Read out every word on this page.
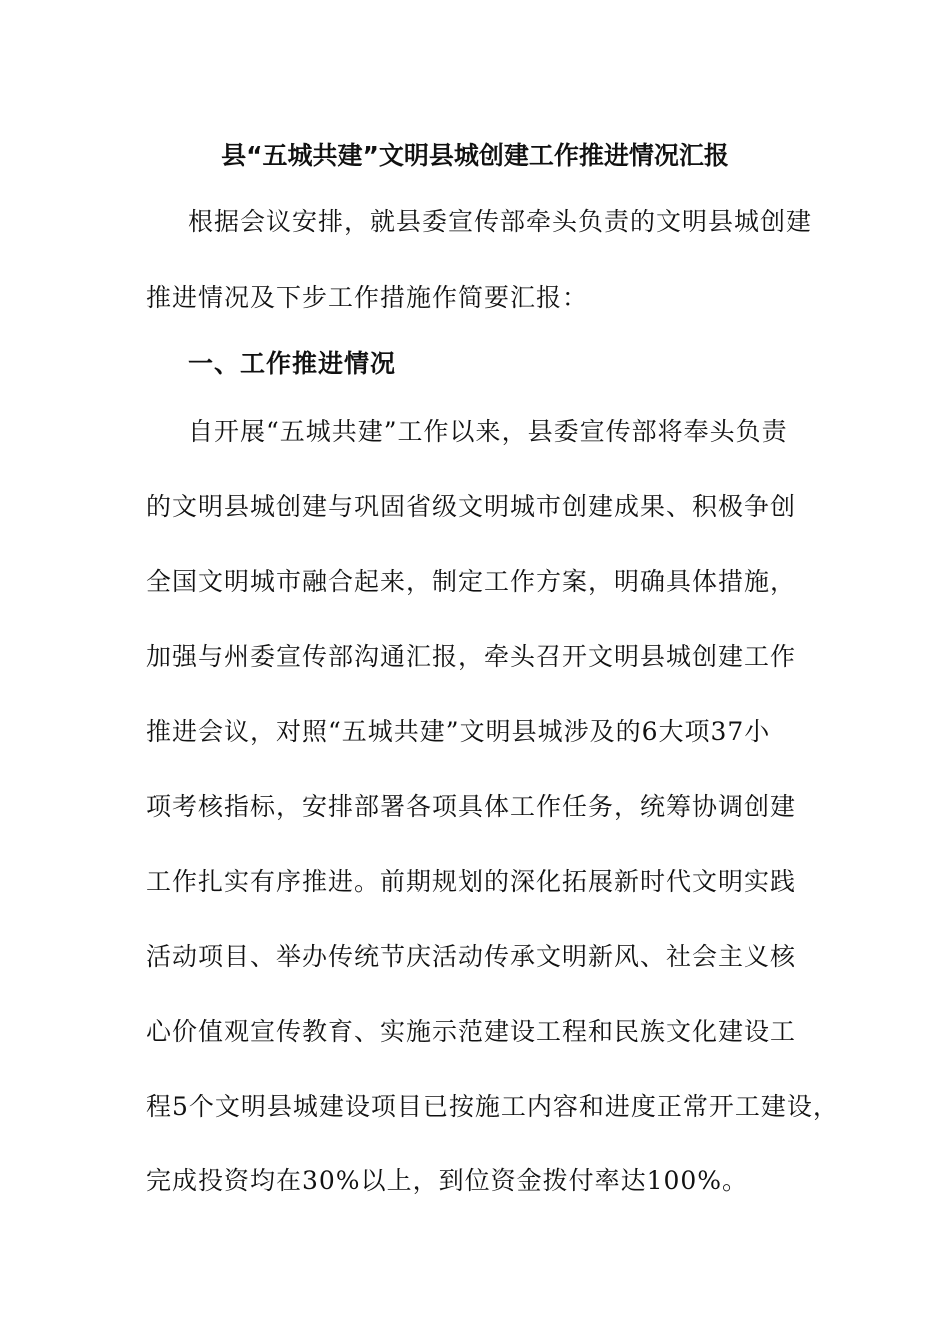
县“五城共建”文明县城创建工作推进情况汇报
根据会议安排，就县委宣传部牵头负责的文明县城创建
推进情况及下步工作措施作简要汇报：
一、工作推进情况
自开展“五城共建”工作以来，县委宣传部将奉头负责
的文明县城创建与巩固省级文明城市创建成果、积极争创
全国文明城市融合起来，制定工作方案，明确具体措施，
加强与州委宣传部沟通汇报，牵头召开文明县城创建工作
推进会议，对照“五城共建”文明县城涉及的6大项37小
项考核指标，安排部署各项具体工作任务，统筹协调创建
工作扎实有序推进。前期规划的深化拓展新时代文明实践
活动项目、举办传统节庆活动传承文明新风、社会主义核
心价值观宣传教育、实施示范建设工程和民族文化建设工
程5个文明县城建设项目已按施工内容和进度正常开工建设，
完成投资均在30%以上，到位资金拨付率达100%。
